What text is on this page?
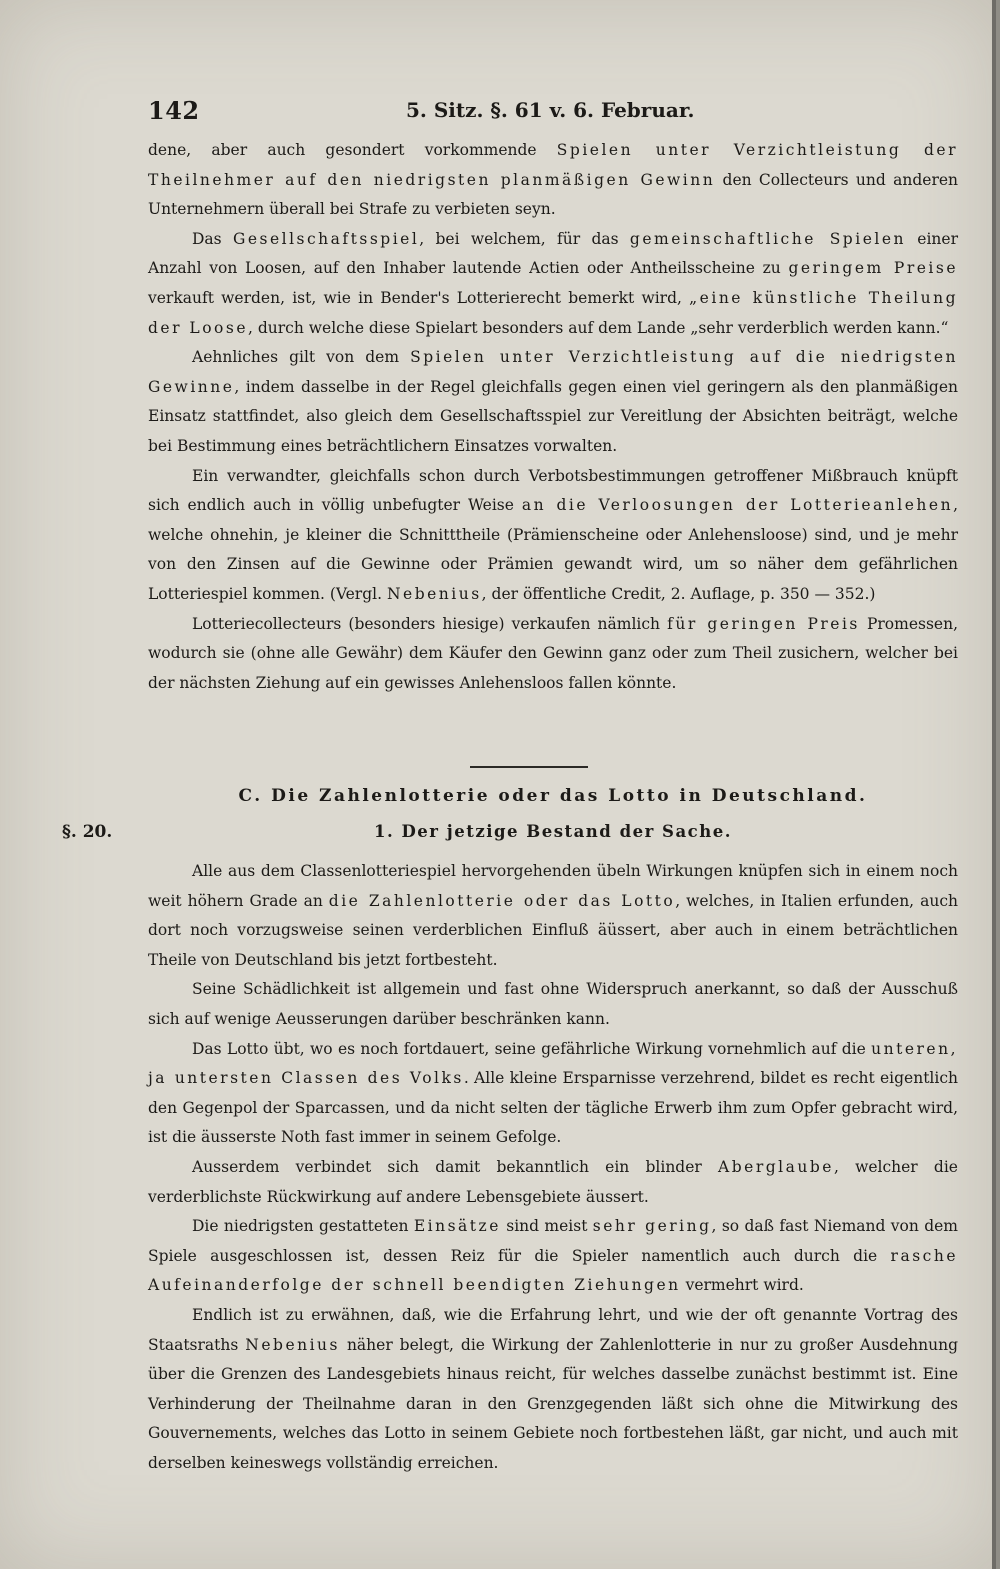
142	5. Sitz. §. 61 v. 6. Februar.

dene, aber auch gesondert vorkommende Spielen unter Verzichtleistung der Theilnehmer auf den niedrigsten planmäßigen Gewinn den Collecteurs und anderen Unternehmern überall bei Strafe zu verbieten seyn.

Das Gesellschaftsspiel, bei welchem, für das gemeinschaftliche Spielen einer Anzahl von Loosen, auf den Inhaber lautende Actien oder Antheilsscheine zu geringem Preise verkauft werden, ist, wie in Bender's Lotterierecht bemerkt wird, „eine künstliche Theilung der Loose, durch welche diese Spielart besonders auf dem Lande „sehr verderblich werden kann.“

Aehnliches gilt von dem Spielen unter Verzichtleistung auf die niedrigsten Gewinne, indem dasselbe in der Regel gleichfalls gegen einen viel geringern als den planmäßigen Einsatz stattfindet, also gleich dem Gesellschaftsspiel zur Vereitlung der Absichten beiträgt, welche bei Bestimmung eines beträchtlichern Einsatzes vorwalten.

Ein verwandter, gleichfalls schon durch Verbotsbestimmungen getroffener Mißbrauch knüpft sich endlich auch in völlig unbefugter Weise an die Verloosungen der Lotterieanlehen, welche ohnehin, je kleiner die Schnitttheile (Prämienscheine oder Anlehensloose) sind, und je mehr von den Zinsen auf die Gewinne oder Prämien gewandt wird, um so näher dem gefährlichen Lotteriespiel kommen. (Vergl. Nebenius, der öffentliche Credit, 2. Auflage, p. 350 — 352.)

Lotteriecollecteurs (besonders hiesige) verkaufen nämlich für geringen Preis Promessen, wodurch sie (ohne alle Gewähr) dem Käufer den Gewinn ganz oder zum Theil zusichern, welcher bei der nächsten Ziehung auf ein gewisses Anlehensloos fallen könnte.

C. Die Zahlenlotterie oder das Lotto in Deutschland.
§. 20.	1. Der jetzige Bestand der Sache.

Alle aus dem Classenlotteriespiel hervorgehenden übeln Wirkungen knüpfen sich in einem noch weit höhern Grade an die Zahlenlotterie oder das Lotto, welches, in Italien erfunden, auch dort noch vorzugsweise seinen verderblichen Einfluß äüssert, aber auch in einem beträchtlichen Theile von Deutschland bis jetzt fortbesteht.

Seine Schädlichkeit ist allgemein und fast ohne Widerspruch anerkannt, so daß der Ausschuß sich auf wenige Aeusserungen darüber beschränken kann.

Das Lotto übt, wo es noch fortdauert, seine gefährliche Wirkung vornehmlich auf die unteren, ja untersten Classen des Volks. Alle kleine Ersparnisse verzehrend, bildet es recht eigentlich den Gegenpol der Sparcassen, und da nicht selten der tägliche Erwerb ihm zum Opfer gebracht wird, ist die äusserste Noth fast immer in seinem Gefolge.

Ausserdem verbindet sich damit bekanntlich ein blinder Aberglaube, welcher die verderblichste Rückwirkung auf andere Lebensgebiete äussert.

Die niedrigsten gestatteten Einsätze sind meist sehr gering, so daß fast Niemand von dem Spiele ausgeschlossen ist, dessen Reiz für die Spieler namentlich auch durch die rasche Aufeinanderfolge der schnell beendigten Ziehungen vermehrt wird.

Endlich ist zu erwähnen, daß, wie die Erfahrung lehrt, und wie der oft genannte Vortrag des Staatsraths Nebenius näher belegt, die Wirkung der Zahlenlotterie in nur zu großer Ausdehnung über die Grenzen des Landesgebiets hinaus reicht, für welches dasselbe zunächst bestimmt ist. Eine Verhinderung der Theilnahme daran in den Grenzgegenden läßt sich ohne die Mitwirkung des Gouvernements, welches das Lotto in seinem Gebiete noch fortbestehen läßt, gar nicht, und auch mit derselben keineswegs vollständig erreichen.
